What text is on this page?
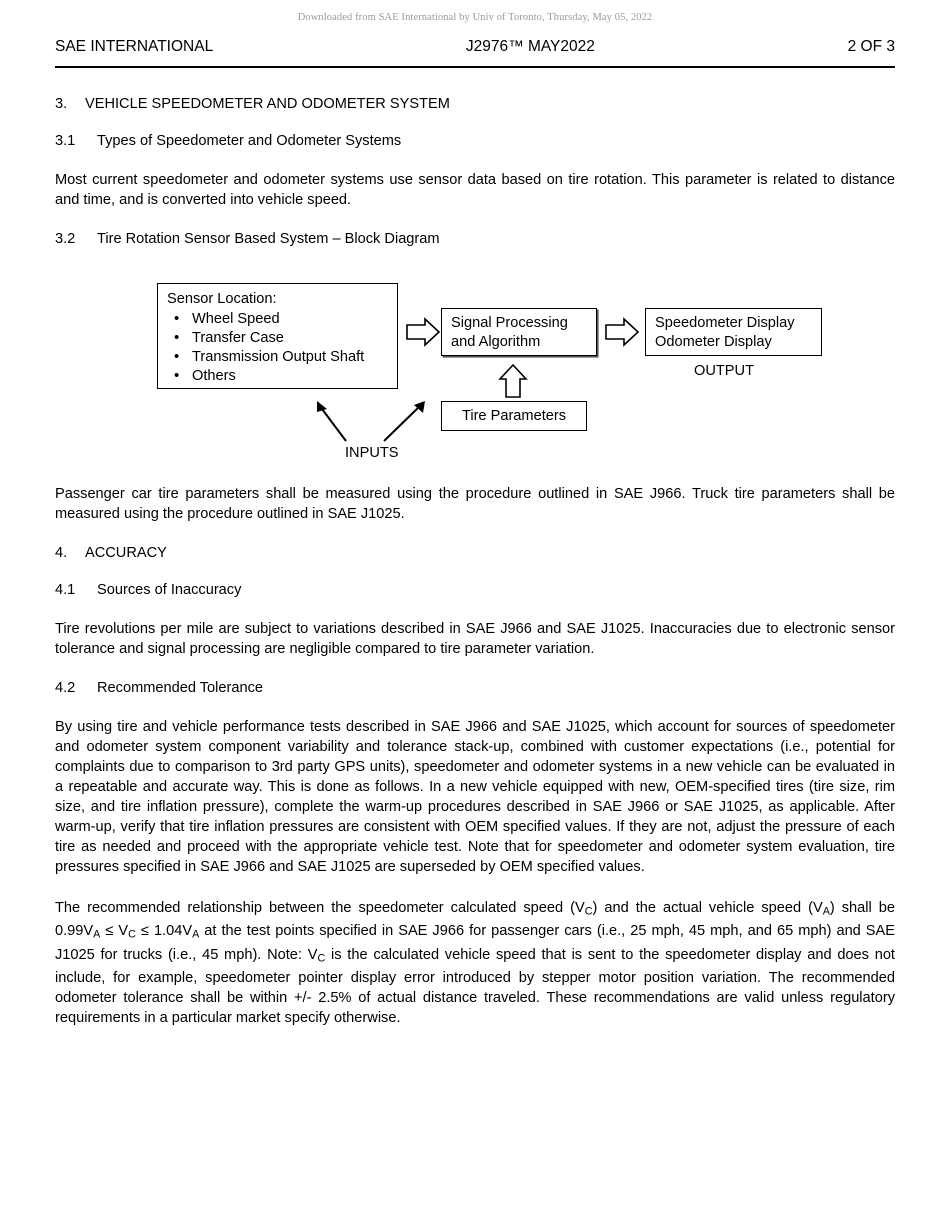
Downloaded from SAE International by Univ of Toronto, Thursday, May 05, 2022
SAE INTERNATIONAL	J2976™ MAY2022	2 OF 3
3. VEHICLE SPEEDOMETER AND ODOMETER SYSTEM
3.1 Types of Speedometer and Odometer Systems

Most current speedometer and odometer systems use sensor data based on tire rotation. This parameter is related to distance and time, and is converted into vehicle speed.

3.2 Tire Rotation Sensor Based System – Block Diagram
Sensor Location:
• Wheel Speed
• Transfer Case
• Transmission Output Shaft
• Others
Signal Processing
and Algorithm
Speedometer Display
Odometer Display
Tire Parameters
OUTPUT
INPUTS

Passenger car tire parameters shall be measured using the procedure outlined in SAE J966. Truck tire parameters shall be measured using the procedure outlined in SAE J1025.

4. ACCURACY
4.1 Sources of Inaccuracy

Tire revolutions per mile are subject to variations described in SAE J966 and SAE J1025. Inaccuracies due to electronic sensor tolerance and signal processing are negligible compared to tire parameter variation.

4.2 Recommended Tolerance

By using tire and vehicle performance tests described in SAE J966 and SAE J1025, which account for sources of speedometer and odometer system component variability and tolerance stack-up, combined with customer expectations (i.e., potential for complaints due to comparison to 3rd party GPS units), speedometer and odometer systems in a new vehicle can be evaluated in a repeatable and accurate way. This is done as follows. In a new vehicle equipped with new, OEM-specified tires (tire size, rim size, and tire inflation pressure), complete the warm-up procedures described in SAE J966 or SAE J1025, as applicable. After warm-up, verify that tire inflation pressures are consistent with OEM specified values. If they are not, adjust the pressure of each tire as needed and proceed with the appropriate vehicle test. Note that for speedometer and odometer system evaluation, tire pressures specified in SAE J966 and SAE J1025 are superseded by OEM specified values.

The recommended relationship between the speedometer calculated speed $(V_C)$ and the actual vehicle speed $(V_A)$ shall be $0.99V_A \le V_C \le 1.04V_A$ at the test points specified in SAE J966 for passenger cars (i.e., 25 mph, 45 mph, and 65 mph) and SAE J1025 for trucks (i.e., 45 mph). Note: $V_C$ is the calculated vehicle speed that is sent to the speedometer display and does not include, for example, speedometer pointer display error introduced by stepper motor position variation. The recommended odometer tolerance shall be within +/- 2.5% of actual distance traveled. These recommendations are valid unless regulatory requirements in a particular market specify otherwise.
